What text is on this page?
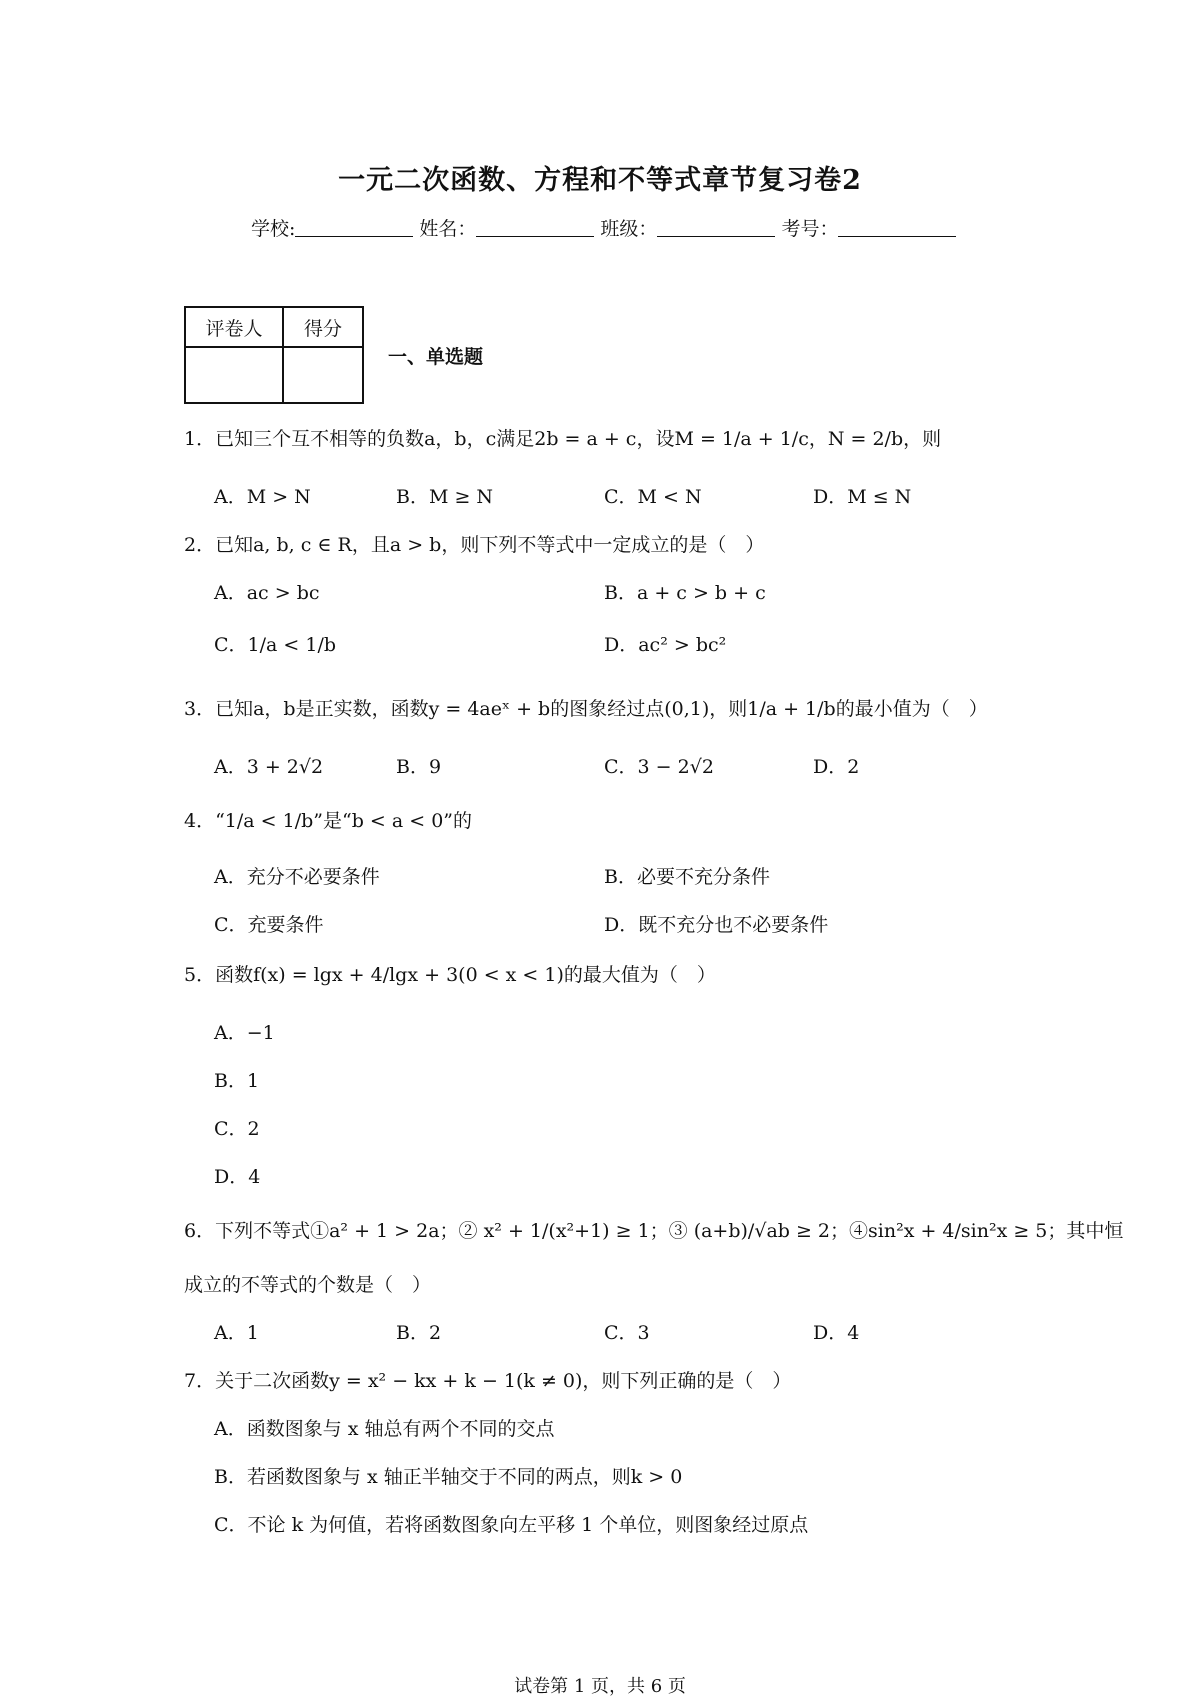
一元二次函数、方程和不等式章节复习卷2
学校:	姓名：	班级：	考号：
评卷人	得分

一、单选题
1．已知三个互不相等的负数a，b，c满足2b = a + c，设M = 1/a + 1/c，N = 2/b，则
A．M > N	B．M ≥ N	C．M < N	D．M ≤ N
2．已知a, b, c ∈ R，且a > b，则下列不等式中一定成立的是（　）
A．ac > bc	B．a + c > b + c
C．1/a < 1/b	D．ac² > bc²
3．已知a，b是正实数，函数y = 4aeˣ + b的图象经过点(0,1)，则1/a + 1/b的最小值为（　）
A．3 + 2√2	B．9	C．3 − 2√2	D．2
4．“1/a < 1/b”是“b < a < 0”的
A．充分不必要条件	B．必要不充分条件
C．充要条件	D．既不充分也不必要条件
5．函数f(x) = lgx + 4/lgx + 3(0 < x < 1)的最大值为（　）
A．−1
B．1
C．2
D．4
6．下列不等式①a² + 1 > 2a；② x² + 1/(x²+1) ≥ 1；③ (a+b)/√ab ≥ 2；④sin²x + 4/sin²x ≥ 5；其中恒
成立的不等式的个数是（　）
A．1	B．2	C．3	D．4
7．关于二次函数y = x² − kx + k − 1(k ≠ 0)，则下列正确的是（　）
A．函数图象与 x 轴总有两个不同的交点
B．若函数图象与 x 轴正半轴交于不同的两点，则k > 0
C．不论 k 为何值，若将函数图象向左平移 1 个单位，则图象经过原点
试卷第 1 页，共 6 页
